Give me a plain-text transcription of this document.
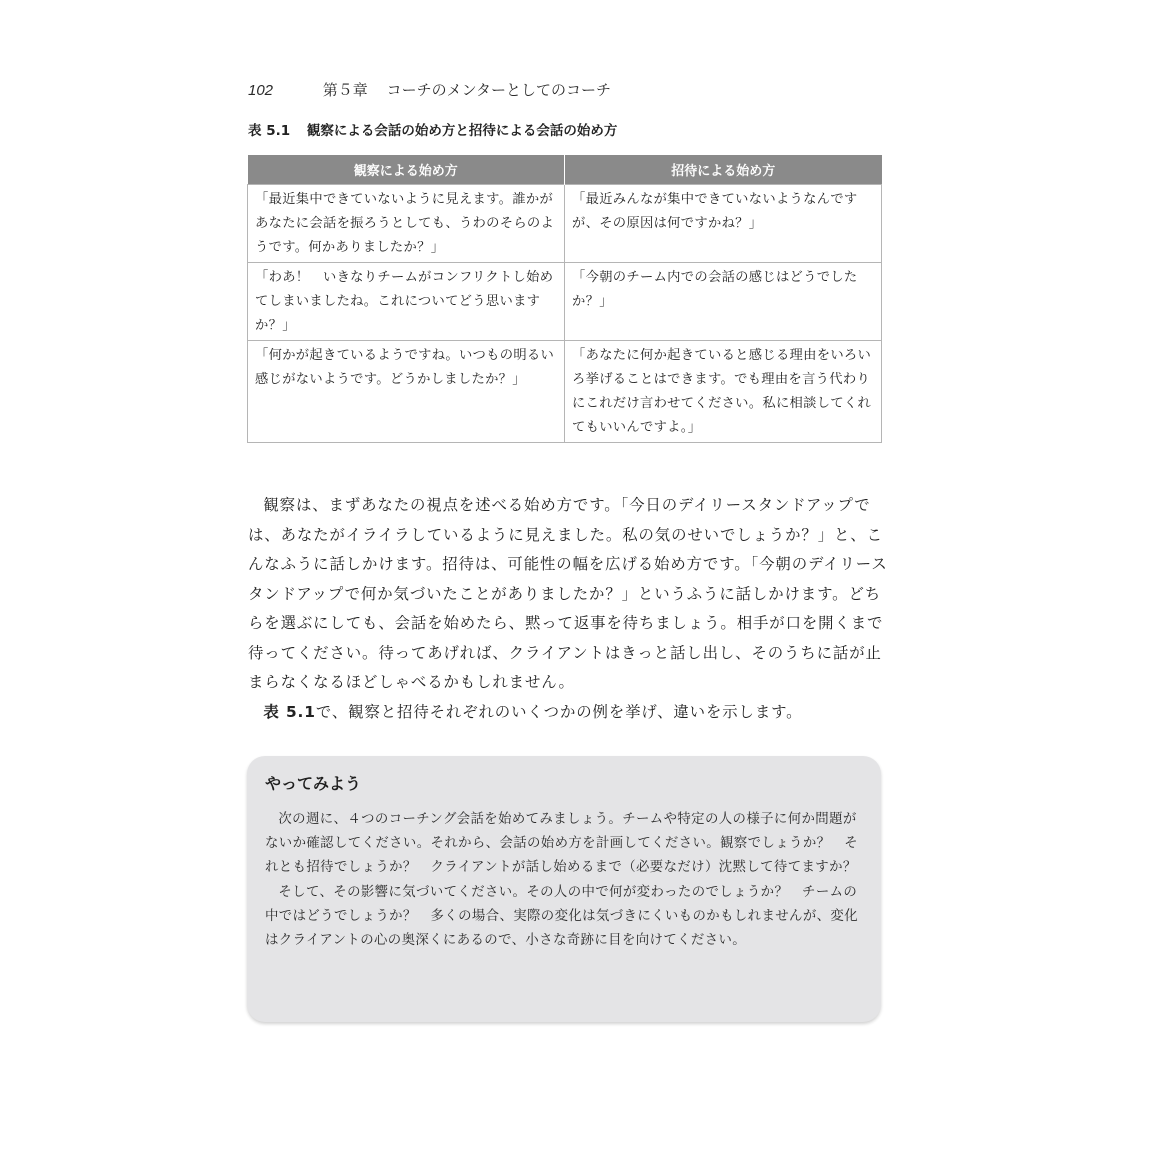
102	第５章 コーチのメンターとしてのコーチ
表 5.1 観察による会話の始め方と招待による会話の始め方
観察による始め方	招待による始め方
「最近集中できていないように見えます。誰かがあなたに会話を振ろうとしても、うわのそらのようです。何かありましたか？」	「最近みんなが集中できていないようなんですが、その原因は何ですかね？」
「わあ！　いきなりチームがコンフリクトし始めてしまいましたね。これについてどう思いますか？」	「今朝のチーム内での会話の感じはどうでしたか？」
「何かが起きているようですね。いつもの明るい感じがないようです。どうかしましたか？」	「あなたに何か起きていると感じる理由をいろいろ挙げることはできます。でも理由を言う代わりにこれだけ言わせてください。私に相談してくれてもいいんですよ。」

観察は、まずあなたの視点を述べる始め方です。「今日のデイリースタンドアップでは、あなたがイライラしているように見えました。私の気のせいでしょうか？」と、こんなふうに話しかけます。招待は、可能性の幅を広げる始め方です。「今朝のデイリースタンドアップで何か気づいたことがありましたか？」というふうに話しかけます。どちらを選ぶにしても、会話を始めたら、黙って返事を待ちましょう。相手が口を開くまで待ってください。待ってあげれば、クライアントはきっと話し出し、そのうちに話が止まらなくなるほどしゃべるかもしれません。

表 5.1で、観察と招待それぞれのいくつかの例を挙げ、違いを示します。

やってみよう

次の週に、４つのコーチング会話を始めてみましょう。チームや特定の人の様子に何か問題がないか確認してください。それから、会話の始め方を計画してください。観察でしょうか？　それとも招待でしょうか？　クライアントが話し始めるまで（必要なだけ）沈黙して待てますか？

そして、その影響に気づいてください。その人の中で何が変わったのでしょうか？　チームの中ではどうでしょうか？　多くの場合、実際の変化は気づきにくいものかもしれませんが、変化はクライアントの心の奥深くにあるので、小さな奇跡に目を向けてください。
